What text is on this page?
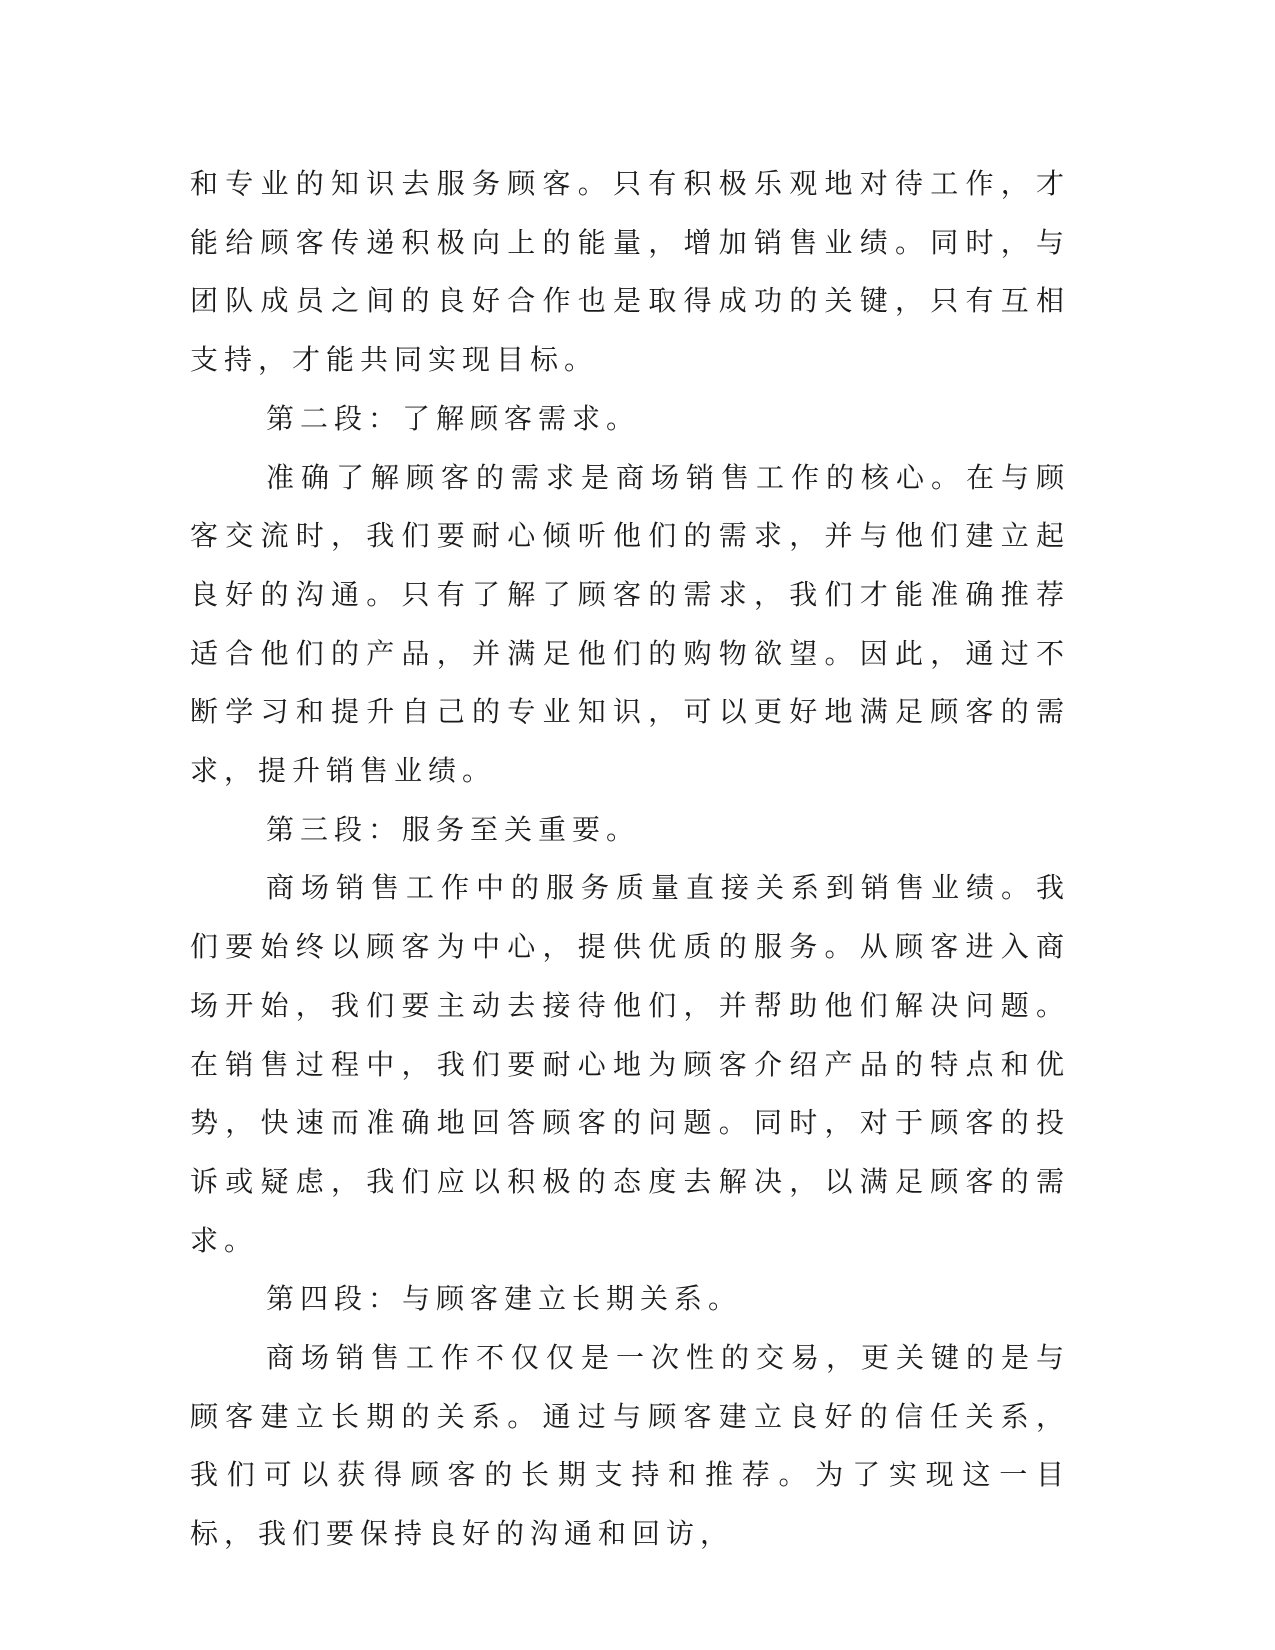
和专业的知识去服务顾客。只有积极乐观地对待工作，才能给顾客传递积极向上的能量，增加销售业绩。同时，与团队成员之间的良好合作也是取得成功的关键，只有互相支持，才能共同实现目标。

第二段：了解顾客需求。

准确了解顾客的需求是商场销售工作的核心。在与顾客交流时，我们要耐心倾听他们的需求，并与他们建立起良好的沟通。只有了解了顾客的需求，我们才能准确推荐适合他们的产品，并满足他们的购物欲望。因此，通过不断学习和提升自己的专业知识，可以更好地满足顾客的需求，提升销售业绩。

第三段：服务至关重要。

商场销售工作中的服务质量直接关系到销售业绩。我们要始终以顾客为中心，提供优质的服务。从顾客进入商场开始，我们要主动去接待他们，并帮助他们解决问题。在销售过程中，我们要耐心地为顾客介绍产品的特点和优势，快速而准确地回答顾客的问题。同时，对于顾客的投诉或疑虑，我们应以积极的态度去解决，以满足顾客的需求。

第四段：与顾客建立长期关系。

商场销售工作不仅仅是一次性的交易，更关键的是与顾客建立长期的关系。通过与顾客建立良好的信任关系，我们可以获得顾客的长期支持和推荐。为了实现这一目标，我们要保持良好的沟通和回访，
